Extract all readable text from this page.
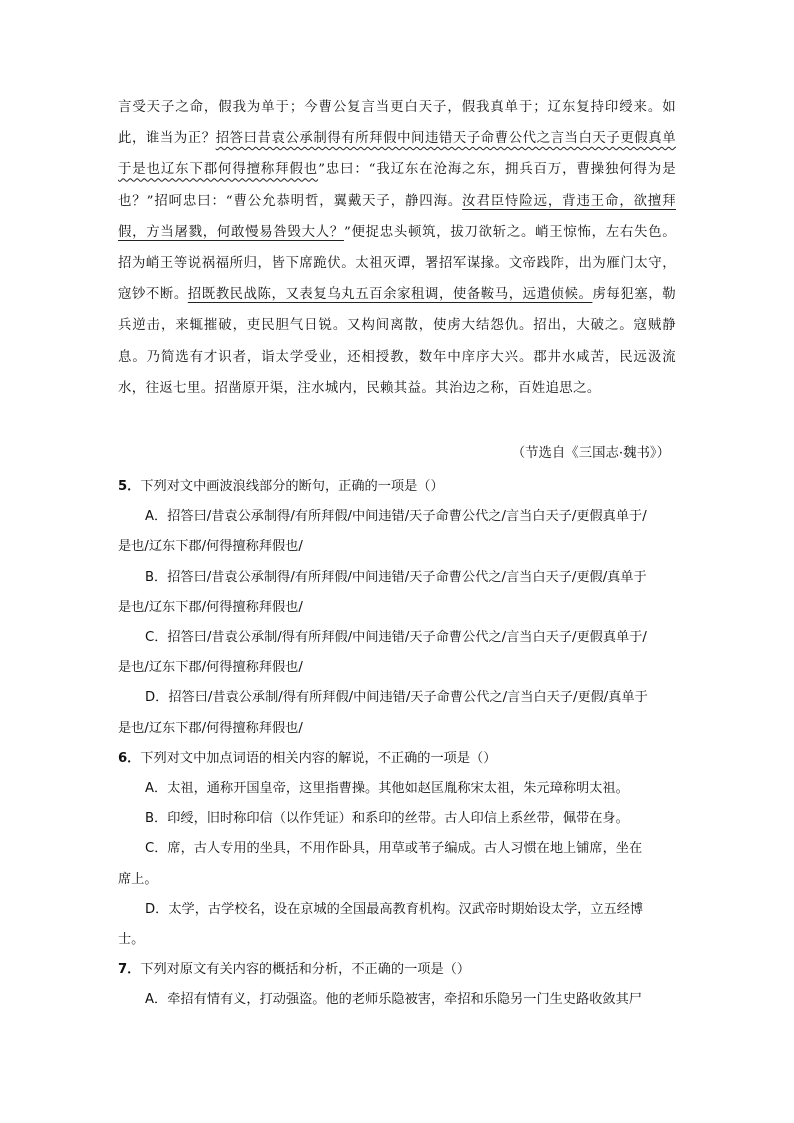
言受天子之命，假我为单于；今曹公复言当更白天子，假我真单于；辽东复持印绶来。如此，谁当为正？招答曰昔袁公承制得有所拜假中间违错天子命曹公代之言当白天子更假真单于是也辽东下郡何得擅称拜假也”忠曰：“我辽东在沧海之东，拥兵百万，曹操独何得为是也？”招呵忠曰：“曹公允恭明哲，翼戴天子，静四海。汝君臣恃险远，背违王命，欲擅拜假，方当屠戮，何敢慢易咎毁大人？”便捉忠头顿筑，拔刀欲斩之。峭王惊怖，左右失色。招为峭王等说祸福所归，皆下席跪伏。太祖灭谭，署招军谋掾。文帝践阼，出为雁门太守，寇钞不断。招既教民战陈，又表复乌丸五百余家租调，使备鞍马，远遣侦候。虏每犯塞，勒兵逆击，来辄摧破，吏民胆气日锐。又构间离散，使虏大结怨仇。招出，大破之。寇贼静息。乃简选有才识者，诣太学受业，还相授教，数年中庠序大兴。郡井水咸苦，民远汲流水，往返七里。招凿原开渠，注水城内，民赖其益。其治边之称，百姓追思之。
（节选自《三国志·魏书》）
5．下列对文中画波浪线部分的断句，正确的一项是（）
A．招答曰/昔袁公承制得/有所拜假/中间违错/天子命曹公代之/言当白天子/更假真单于/
是也/辽东下郡/何得擅称拜假也/
B．招答曰/昔袁公承制得/有所拜假/中间违错/天子命曹公代之/言当白天子/更假/真单于
是也/辽东下郡/何得擅称拜假也/
C．招答曰/昔袁公承制/得有所拜假/中间违错/天子命曹公代之/言当白天子/更假真单于/
是也/辽东下郡/何得擅称拜假也/
D．招答曰/昔袁公承制/得有所拜假/中间违错/天子命曹公代之/言当白天子/更假/真单于
是也/辽东下郡/何得擅称拜假也/
6．下列对文中加点词语的相关内容的解说，不正确的一项是（）
A．太祖，通称开国皇帝，这里指曹操。其他如赵匡胤称宋太祖，朱元璋称明太祖。
B．印绶，旧时称印信（以作凭证）和系印的丝带。古人印信上系丝带，佩带在身。
C．席，古人专用的坐具，不用作卧具，用草或苇子编成。古人习惯在地上铺席，坐在
席上。
D．太学，古学校名，设在京城的全国最高教育机构。汉武帝时期始设太学，立五经博
士。
7．下列对原文有关内容的概括和分析，不正确的一项是（）
A．牵招有情有义，打动强盗。他的老师乐隐被害，牵招和乐隐另一门生史路收敛其尸
